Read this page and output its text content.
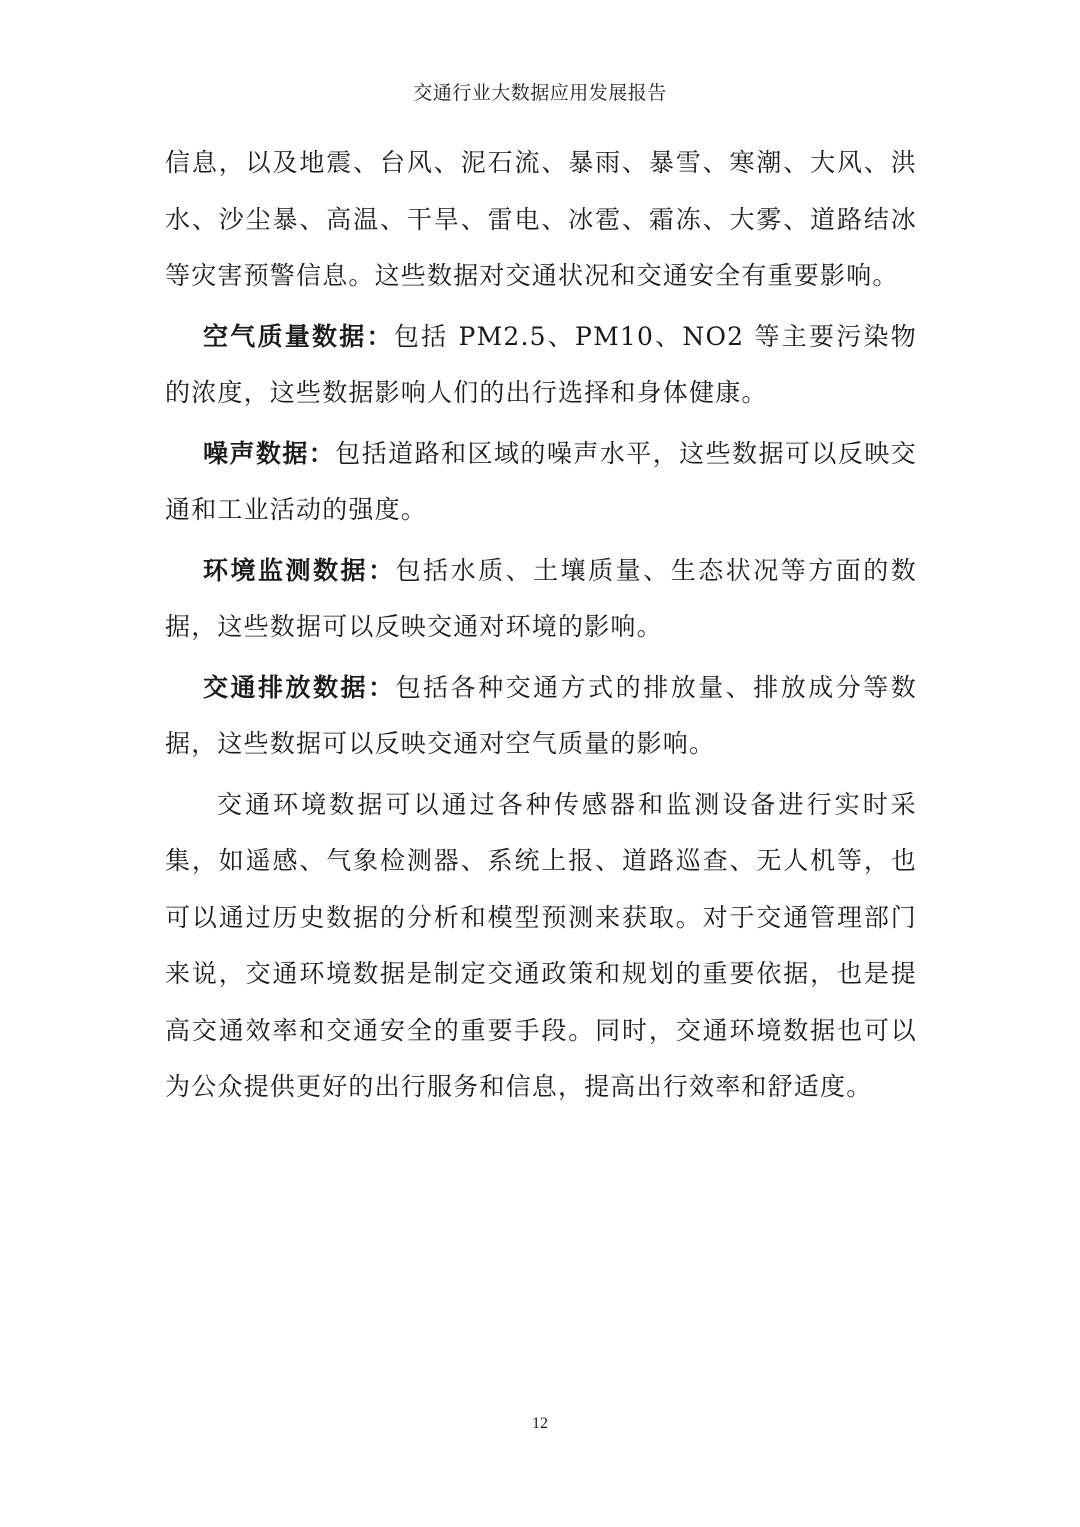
交通行业大数据应用发展报告

信息，以及地震、台风、泥石流、暴雨、暴雪、寒潮、大风、洪水、沙尘暴、高温、干旱、雷电、冰雹、霜冻、大雾、道路结冰等灾害预警信息。这些数据对交通状况和交通安全有重要影响。

空气质量数据：包括 PM2.5、PM10、NO2 等主要污染物的浓度，这些数据影响人们的出行选择和身体健康。

噪声数据：包括道路和区域的噪声水平，这些数据可以反映交通和工业活动的强度。

环境监测数据：包括水质、土壤质量、生态状况等方面的数据，这些数据可以反映交通对环境的影响。

交通排放数据：包括各种交通方式的排放量、排放成分等数据，这些数据可以反映交通对空气质量的影响。

交通环境数据可以通过各种传感器和监测设备进行实时采集，如遥感、气象检测器、系统上报、道路巡查、无人机等，也可以通过历史数据的分析和模型预测来获取。对于交通管理部门来说，交通环境数据是制定交通政策和规划的重要依据，也是提高交通效率和交通安全的重要手段。同时，交通环境数据也可以为公众提供更好的出行服务和信息，提高出行效率和舒适度。

12
